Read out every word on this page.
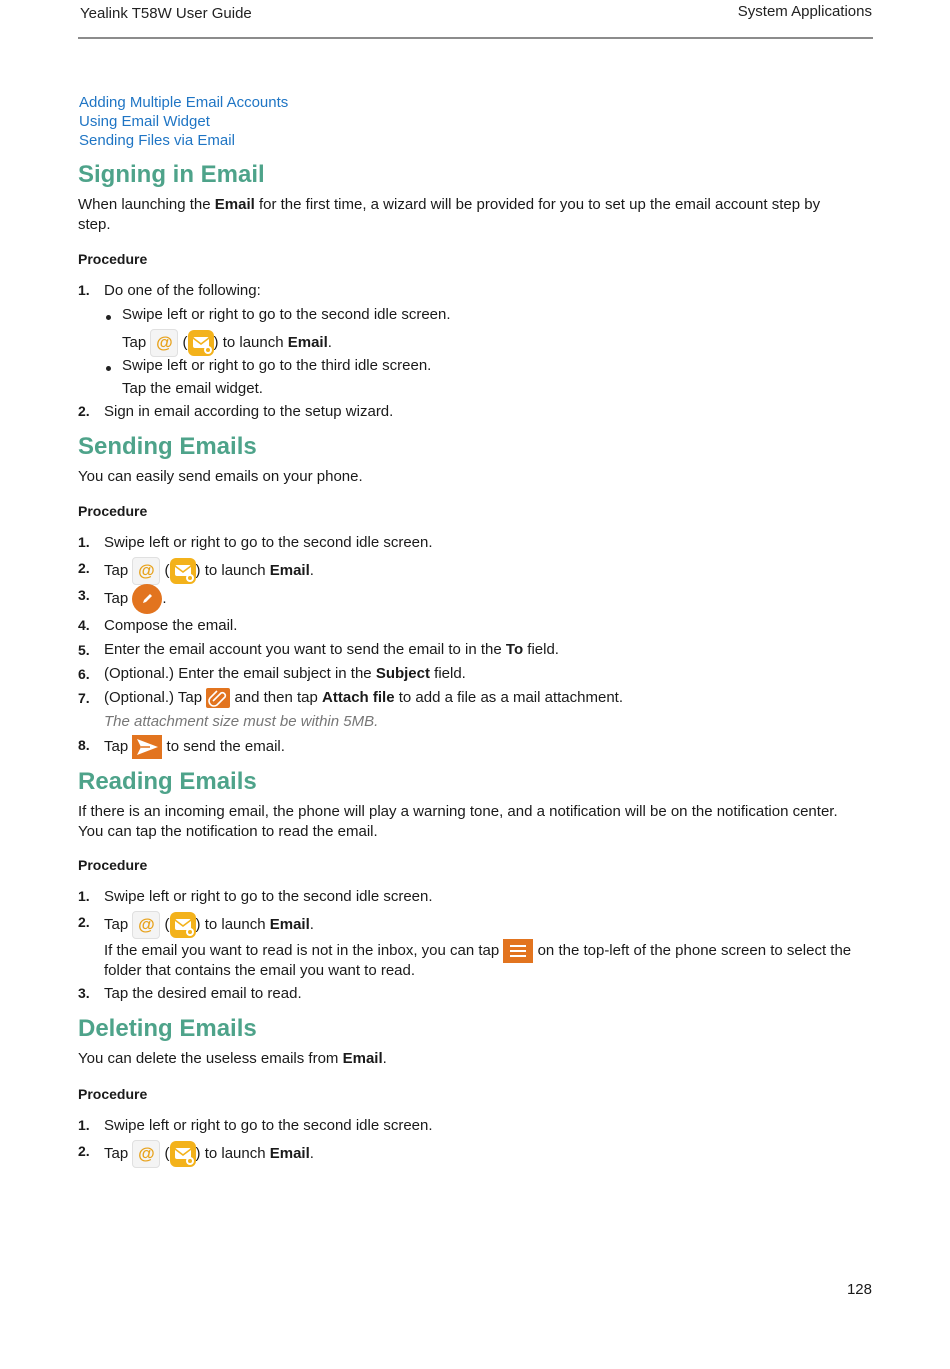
Yealink T58W User Guide	System Applications
Adding Multiple Email Accounts
Using Email Widget
Sending Files via Email
Signing in Email
When launching the Email for the first time, a wizard will be provided for you to set up the email account step by
step.
Procedure
1. Do one of the following:
Swipe left or right to go to the second idle screen.
Tap @ ( ) to launch Email.
Swipe left or right to go to the third idle screen.
Tap the email widget.
2. Sign in email according to the setup wizard.
Sending Emails
You can easily send emails on your phone.
Procedure
1. Swipe left or right to go to the second idle screen.
2. Tap @ ( ) to launch Email.
3. Tap .
4. Compose the email.
5. Enter the email account you want to send the email to in the To field.
6. (Optional.) Enter the email subject in the Subject field.
7. (Optional.) Tap  and then tap Attach file to add a file as a mail attachment.
The attachment size must be within 5MB.
8. Tap  to send the email.
Reading Emails
If there is an incoming email, the phone will play a warning tone, and a notification will be on the notification center.
You can tap the notification to read the email.
Procedure
1. Swipe left or right to go to the second idle screen.
2. Tap @ ( ) to launch Email.
If the email you want to read is not in the inbox, you can tap  on the top-left of the phone screen to select the
folder that contains the email you want to read.
3. Tap the desired email to read.
Deleting Emails
You can delete the useless emails from Email.
Procedure
1. Swipe left or right to go to the second idle screen.
2. Tap @ ( ) to launch Email.
128
